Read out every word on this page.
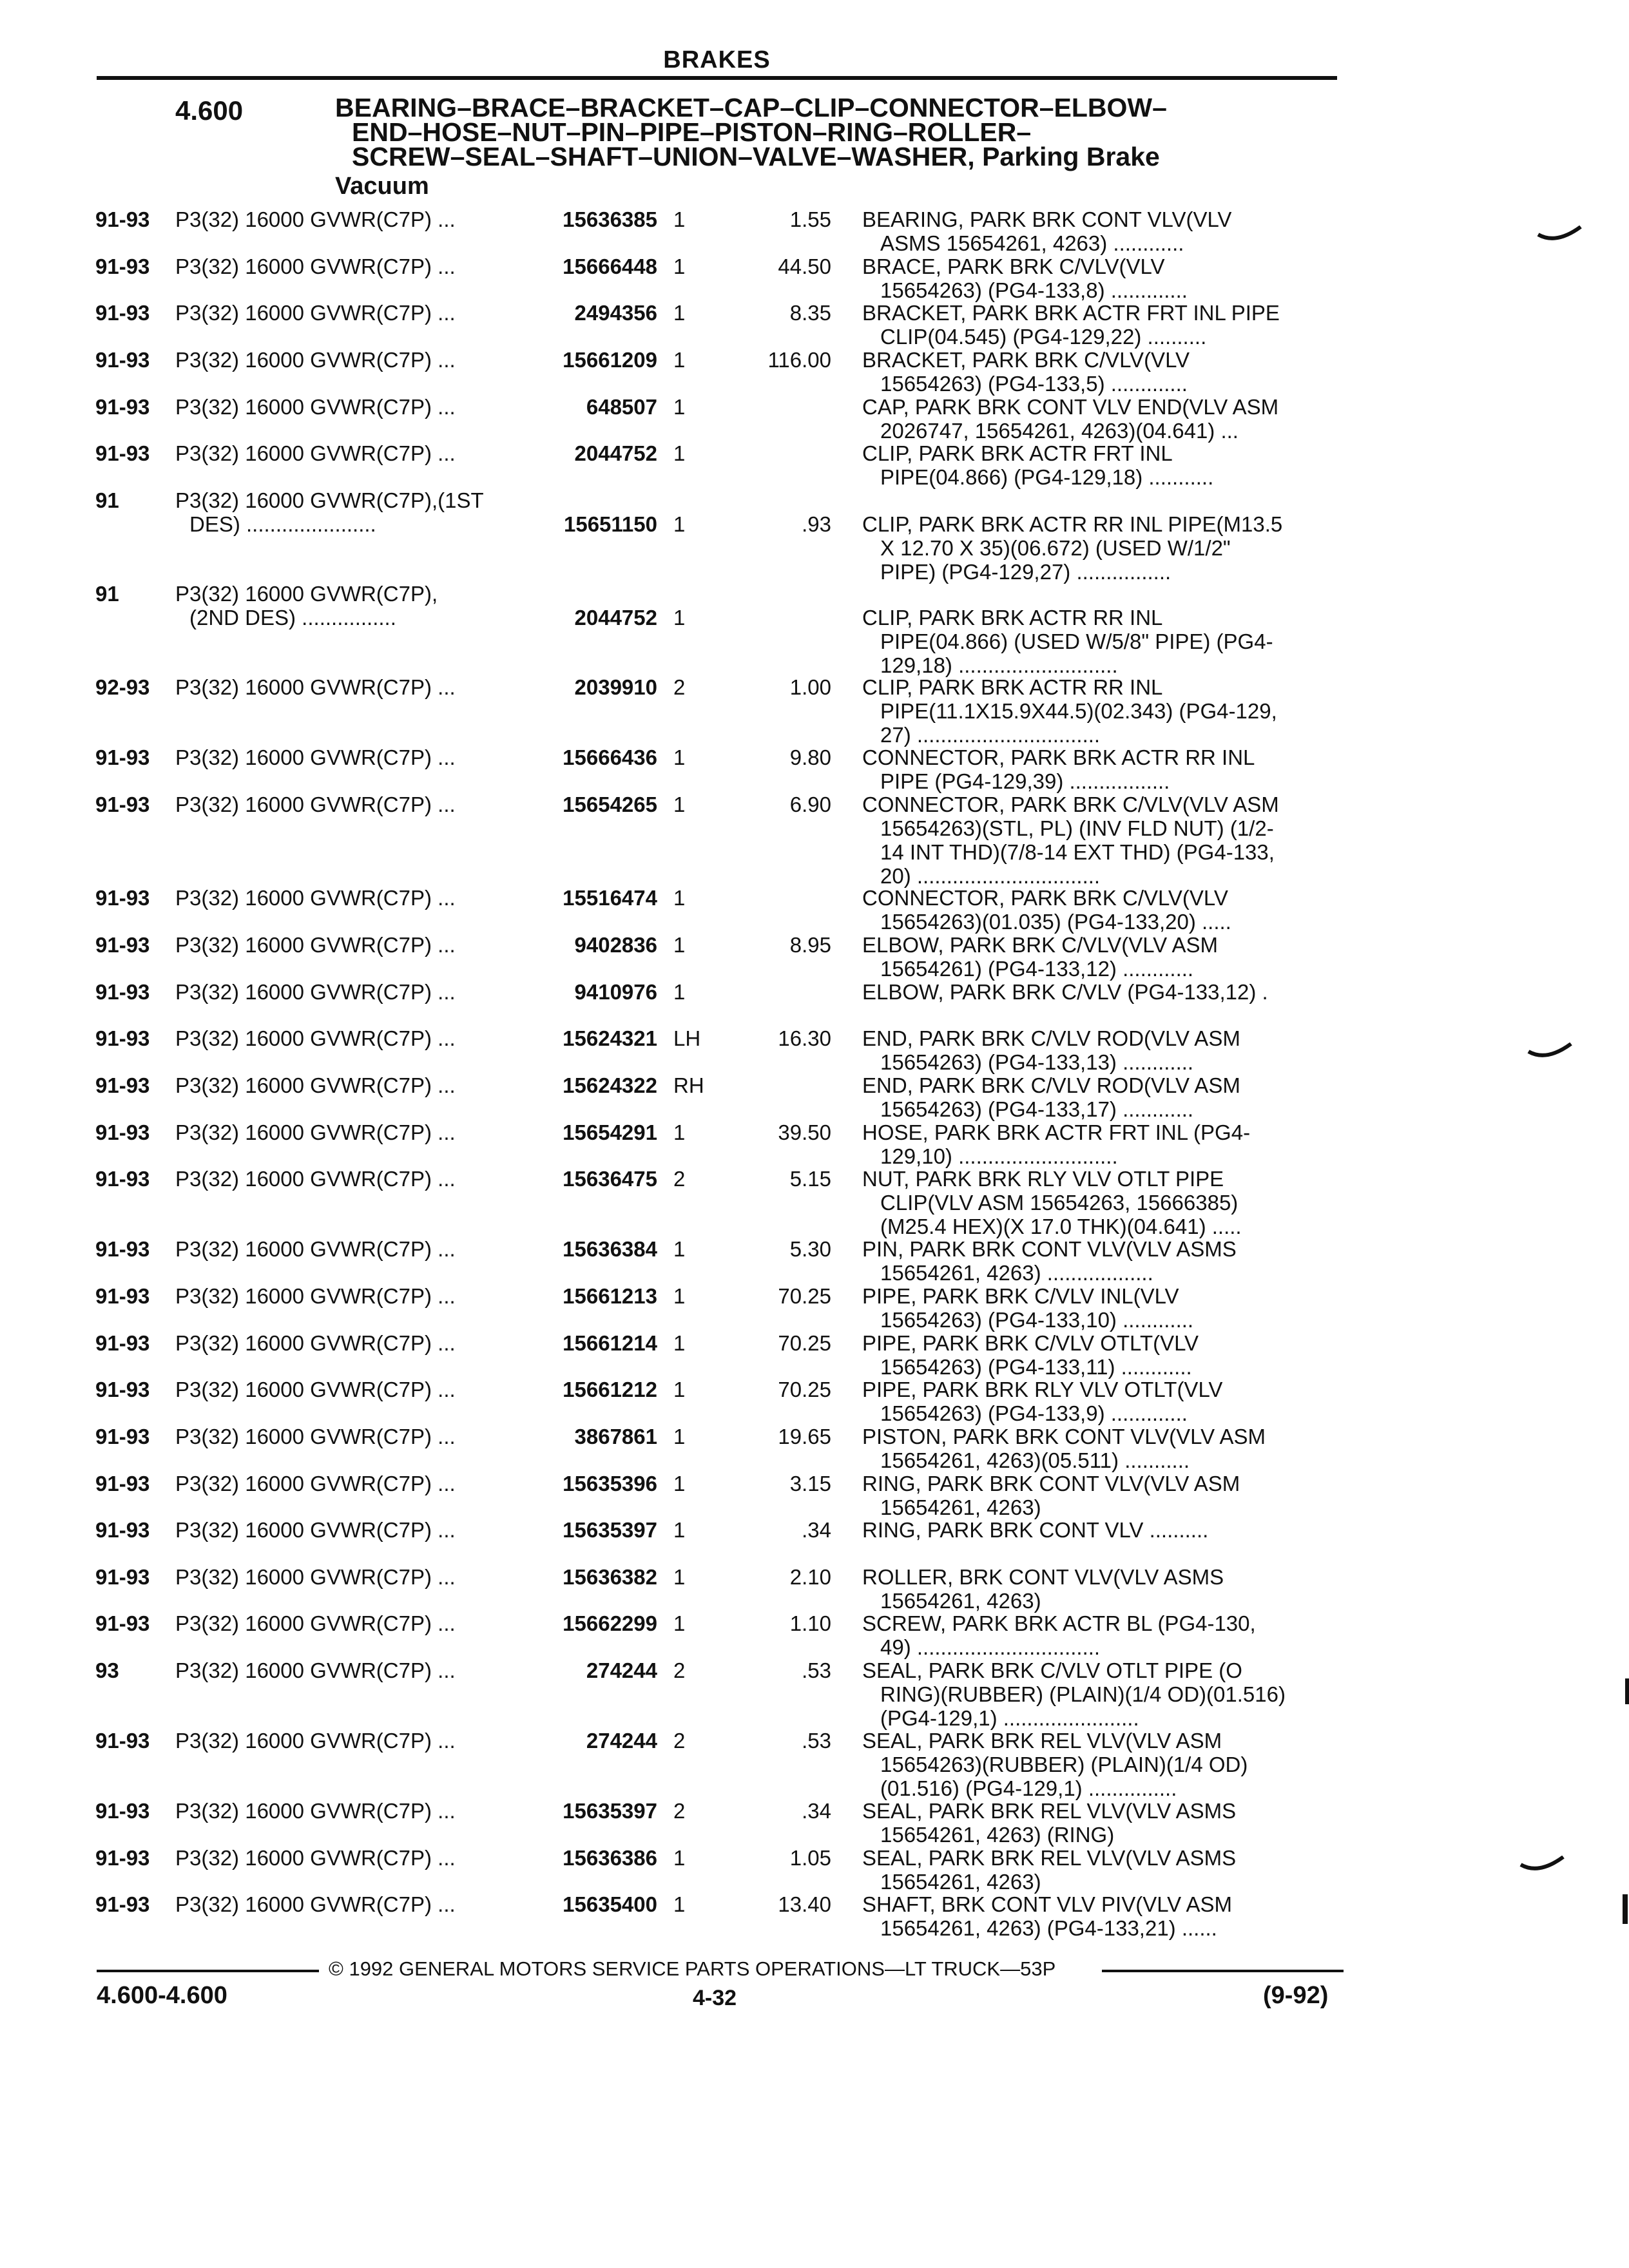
BRAKES
4.600	BEARING–BRACE–BRACKET–CAP–CLIP–CONNECTOR–ELBOW–
END–HOSE–NUT–PIN–PIPE–PISTON–RING–ROLLER–
SCREW–SEAL–SHAFT–UNION–VALVE–WASHER, Parking Brake
Vacuum
91-93 P3(32) 16000 GVWR(C7P) ...	15636385 1	1.55 BEARING, PARK BRK CONT VLV(VLV
ASMS 15654261, 4263) ............
91-93 P3(32) 16000 GVWR(C7P) ...	15666448 1	44.50 BRACE, PARK BRK C/VLV(VLV
15654263) (PG4-133,8) .............
91-93 P3(32) 16000 GVWR(C7P) ...	2494356 1	8.35 BRACKET, PARK BRK ACTR FRT INL PIPE
CLIP(04.545) (PG4-129,22) ..........
91-93 P3(32) 16000 GVWR(C7P) ...	15661209 1	116.00 BRACKET, PARK BRK C/VLV(VLV
15654263) (PG4-133,5) .............
91-93 P3(32) 16000 GVWR(C7P) ...	648507 1	CAP, PARK BRK CONT VLV END(VLV ASM
2026747, 15654261, 4263)(04.641) ...
91-93 P3(32) 16000 GVWR(C7P) ...	2044752 1	CLIP, PARK BRK ACTR FRT INL
PIPE(04.866) (PG4-129,18) ...........
91	P3(32) 16000 GVWR(C7P),(1ST
DES) ......................	15651150 1	.93 CLIP, PARK BRK ACTR RR INL PIPE(M13.5
X 12.70 X 35)(06.672) (USED W/1/2"
PIPE) (PG4-129,27) ................
91	P3(32) 16000 GVWR(C7P),
(2ND DES) ................	2044752 1	CLIP, PARK BRK ACTR RR INL
PIPE(04.866) (USED W/5/8" PIPE) (PG4-
129,18) ...........................
92-93 P3(32) 16000 GVWR(C7P) ...	2039910 2	1.00 CLIP, PARK BRK ACTR RR INL
PIPE(11.1X15.9X44.5)(02.343) (PG4-129,
27) ...............................
91-93 P3(32) 16000 GVWR(C7P) ...	15666436 1	9.80 CONNECTOR, PARK BRK ACTR RR INL
PIPE (PG4-129,39) .................
91-93 P3(32) 16000 GVWR(C7P) ...	15654265 1	6.90 CONNECTOR, PARK BRK C/VLV(VLV ASM
15654263)(STL, PL) (INV FLD NUT) (1/2-
14 INT THD)(7/8-14 EXT THD) (PG4-133,
20) ...............................
91-93 P3(32) 16000 GVWR(C7P) ...	15516474 1	CONNECTOR, PARK BRK C/VLV(VLV
15654263)(01.035) (PG4-133,20) .....
91-93 P3(32) 16000 GVWR(C7P) ...	9402836 1	8.95 ELBOW, PARK BRK C/VLV(VLV ASM
15654261) (PG4-133,12) ............
91-93 P3(32) 16000 GVWR(C7P) ...	9410976 1	ELBOW, PARK BRK C/VLV (PG4-133,12) .
91-93 P3(32) 16000 GVWR(C7P) ...	15624321 LH	16.30 END, PARK BRK C/VLV ROD(VLV ASM
15654263) (PG4-133,13) ............
91-93 P3(32) 16000 GVWR(C7P) ...	15624322 RH	END, PARK BRK C/VLV ROD(VLV ASM
15654263) (PG4-133,17) ............
91-93 P3(32) 16000 GVWR(C7P) ...	15654291 1	39.50 HOSE, PARK BRK ACTR FRT INL (PG4-
129,10) ...........................
91-93 P3(32) 16000 GVWR(C7P) ...	15636475 2	5.15 NUT, PARK BRK RLY VLV OTLT PIPE
CLIP(VLV ASM 15654263, 15666385)
(M25.4 HEX)(X 17.0 THK)(04.641) .....
91-93 P3(32) 16000 GVWR(C7P) ...	15636384 1	5.30 PIN, PARK BRK CONT VLV(VLV ASMS
15654261, 4263) ..................
91-93 P3(32) 16000 GVWR(C7P) ...	15661213 1	70.25 PIPE, PARK BRK C/VLV INL(VLV
15654263) (PG4-133,10) ............
91-93 P3(32) 16000 GVWR(C7P) ...	15661214 1	70.25 PIPE, PARK BRK C/VLV OTLT(VLV
15654263) (PG4-133,11) ............
91-93 P3(32) 16000 GVWR(C7P) ...	15661212 1	70.25 PIPE, PARK BRK RLY VLV OTLT(VLV
15654263) (PG4-133,9) .............
91-93 P3(32) 16000 GVWR(C7P) ...	3867861 1	19.65 PISTON, PARK BRK CONT VLV(VLV ASM
15654261, 4263)(05.511) ...........
91-93 P3(32) 16000 GVWR(C7P) ...	15635396 1	3.15 RING, PARK BRK CONT VLV(VLV ASM
15654261, 4263)
91-93 P3(32) 16000 GVWR(C7P) ...	15635397 1	.34 RING, PARK BRK CONT VLV ..........
91-93 P3(32) 16000 GVWR(C7P) ...	15636382 1	2.10 ROLLER, BRK CONT VLV(VLV ASMS
15654261, 4263)
91-93 P3(32) 16000 GVWR(C7P) ...	15662299 1	1.10 SCREW, PARK BRK ACTR BL (PG4-130,
49) ...............................
93	P3(32) 16000 GVWR(C7P) ...	274244 2	.53 SEAL, PARK BRK C/VLV OTLT PIPE (O
RING)(RUBBER) (PLAIN)(1/4 OD)(01.516)
(PG4-129,1) .......................
91-93 P3(32) 16000 GVWR(C7P) ...	274244 2	.53 SEAL, PARK BRK REL VLV(VLV ASM
15654263)(RUBBER) (PLAIN)(1/4 OD)
(01.516) (PG4-129,1) ...............
91-93 P3(32) 16000 GVWR(C7P) ...	15635397 2	.34 SEAL, PARK BRK REL VLV(VLV ASMS
15654261, 4263) (RING)
91-93 P3(32) 16000 GVWR(C7P) ...	15636386 1	1.05 SEAL, PARK BRK REL VLV(VLV ASMS
15654261, 4263)
91-93 P3(32) 16000 GVWR(C7P) ...	15635400 1	13.40 SHAFT, BRK CONT VLV PIV(VLV ASM
15654261, 4263) (PG4-133,21) ......
© 1992 GENERAL MOTORS SERVICE PARTS OPERATIONS—LT TRUCK—53P
4.600-4.600	4-32	(9-92)
